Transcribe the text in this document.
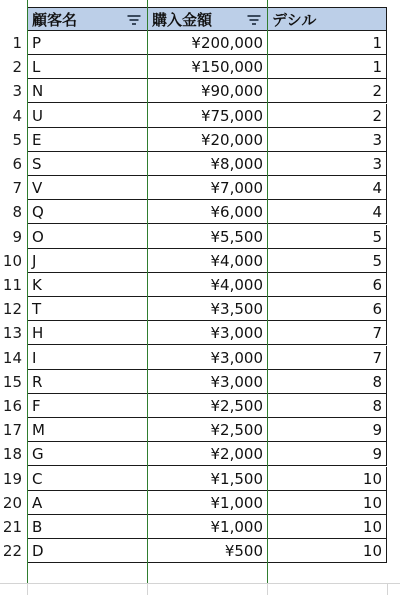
顧客名	購入金額	デシル
1 P	¥200,000	1
2 L	¥150,000	1
3 N	¥90,000	2
4 U	¥75,000	2
5 E	¥20,000	3
6 S	¥8,000	3
7 V	¥7,000	4
8 Q	¥6,000	4
9 O	¥5,500	5
10 J	¥4,000	5
11 K	¥4,000	6
12 T	¥3,500	6
13 H	¥3,000	7
14 I	¥3,000	7
15 R	¥3,000	8
16 F	¥2,500	8
17 M	¥2,500	9
18 G	¥2,000	9
19 C	¥1,500	10
20 A	¥1,000	10
21 B	¥1,000	10
22 D	¥500	10
